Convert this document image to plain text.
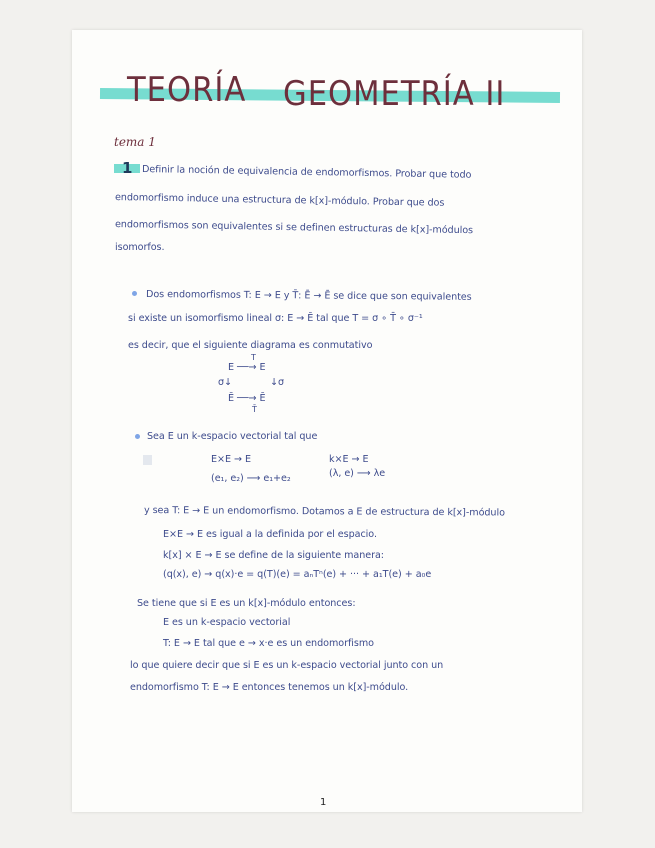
TEORÍA GEOMETRÍA II
tema 1
1 Definir la noción de equivalencia de endomorfismos. Probar que todo
endomorfismo induce una estructura de k[x]-módulo. Probar que dos
endomorfismos son equivalentes si se definen estructuras de k[x]-módulos
isomorfos.
Dos endomorfismos T: E → E y T̄: Ē → Ē se dice que son equivalentes
si existe un isomorfismo lineal σ: E → Ē tal que T = σ ∘ T̄ ∘ σ⁻¹
es decir, que el siguiente diagrama es conmutativo
T
E ──→ E
σ↓	↓σ
Ē ──→ Ē
T̄
Sea E un k-espacio vectorial tal que
E×E → E
(e₁, e₂) ⟶ e₁+e₂
k×E → E
(λ, e) ⟶ λe
y sea T: E → E un endomorfismo. Dotamos a E de estructura de k[x]-módulo
E×E → E es igual a la definida por el espacio.
k[x] × E → E se define de la siguiente manera:
(q(x), e) → q(x)·e = q(T)(e) = aₙTⁿ(e) + ··· + a₁T(e) + a₀e
Se tiene que si E es un k[x]-módulo entonces:
E es un k-espacio vectorial
T: E → E tal que e → x·e es un endomorfismo
lo que quiere decir que si E es un k-espacio vectorial junto con un
endomorfismo T: E → E entonces tenemos un k[x]-módulo.
1
